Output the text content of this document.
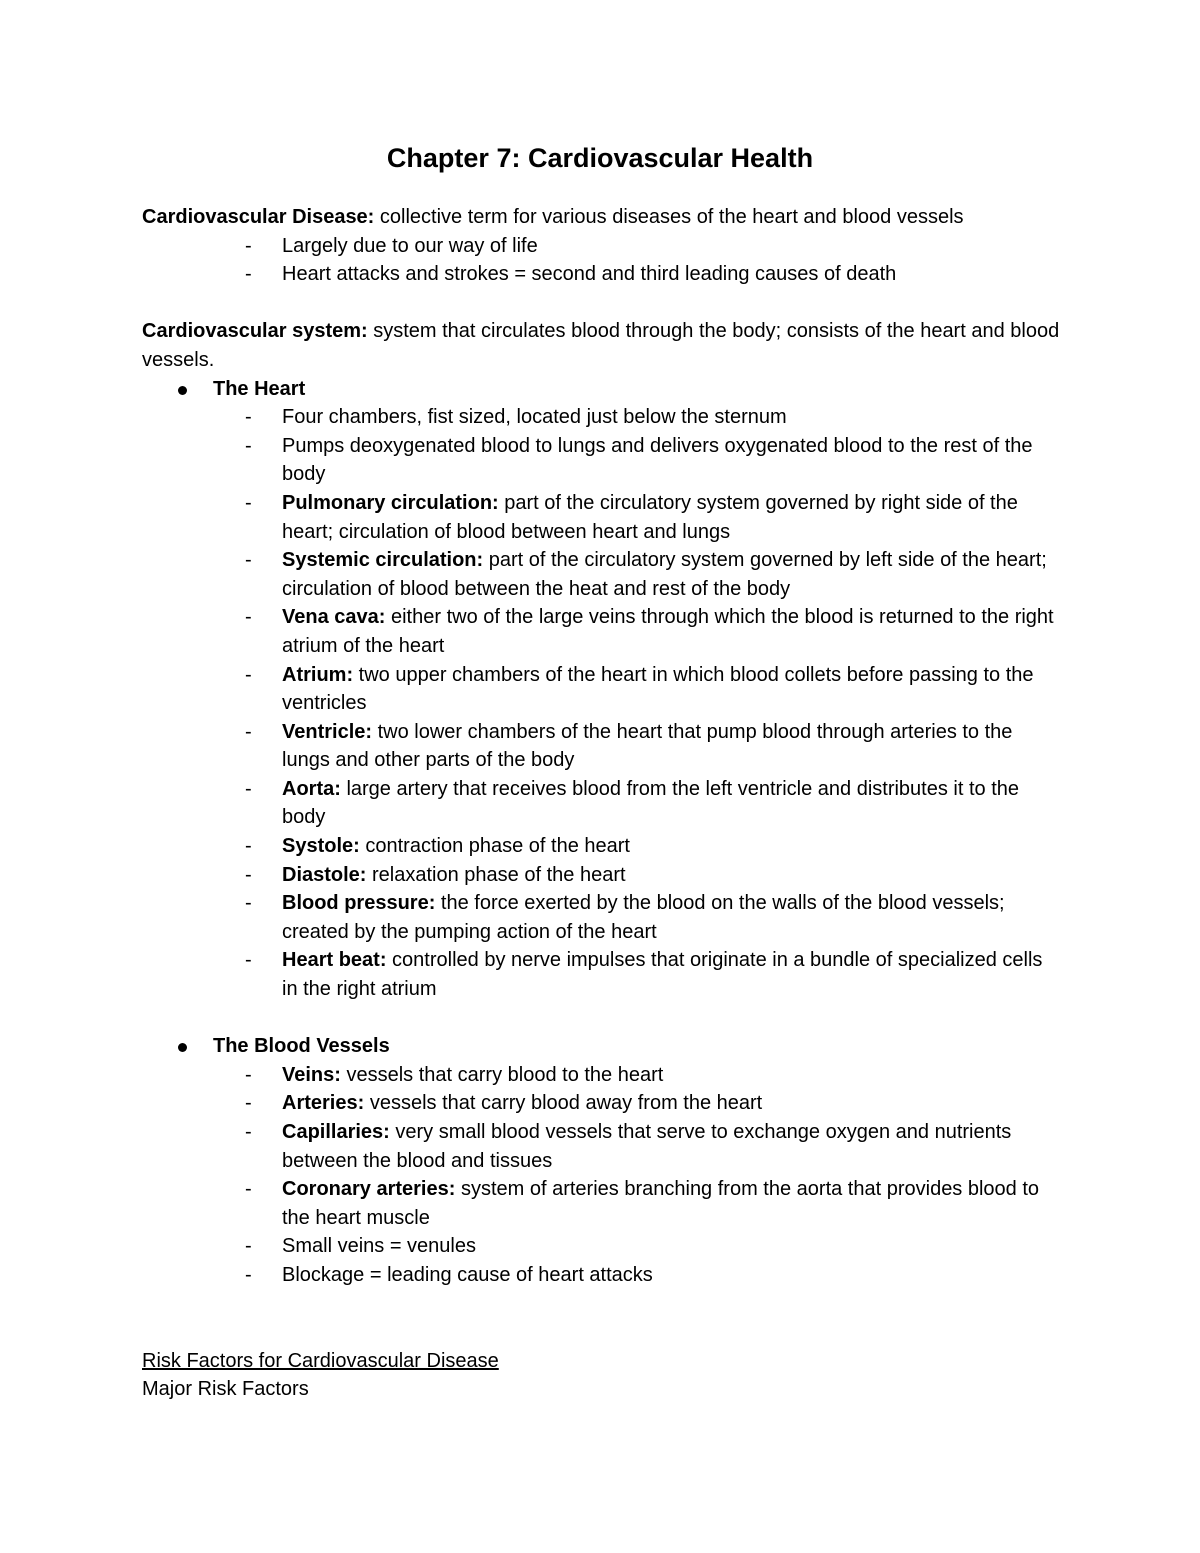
Chapter 7: Cardiovascular Health

Cardiovascular Disease: collective term for various diseases of the heart and blood vessels

- Largely due to our way of life
- Heart attacks and strokes = second and third leading causes of death

Cardiovascular system: system that circulates blood through the body; consists of the heart and blood vessels.

The Heart
- Four chambers, fist sized, located just below the sternum
- Pumps deoxygenated blood to lungs and delivers oxygenated blood to the rest of the body
- Pulmonary circulation: part of the circulatory system governed by right side of the heart; circulation of blood between heart and lungs
- Systemic circulation: part of the circulatory system governed by left side of the heart; circulation of blood between the heat and rest of the body
- Vena cava: either two of the large veins through which the blood is returned to the right atrium of the heart
- Atrium: two upper chambers of the heart in which blood collets before passing to the ventricles
- Ventricle: two lower chambers of the heart that pump blood through arteries to the lungs and other parts of the body
- Aorta: large artery that receives blood from the left ventricle and distributes it to the body
- Systole: contraction phase of the heart
- Diastole: relaxation phase of the heart
- Blood pressure: the force exerted by the blood on the walls of the blood vessels; created by the pumping action of the heart
- Heart beat: controlled by nerve impulses that originate in a bundle of specialized cells in the right atrium
The Blood Vessels
- Veins: vessels that carry blood to the heart
- Arteries: vessels that carry blood away from the heart
- Capillaries: very small blood vessels that serve to exchange oxygen and nutrients between the blood and tissues
- Coronary arteries: system of arteries branching from the aorta that provides blood to the heart muscle
- Small veins = venules
- Blockage = leading cause of heart attacks

Risk Factors for Cardiovascular Disease

Major Risk Factors
